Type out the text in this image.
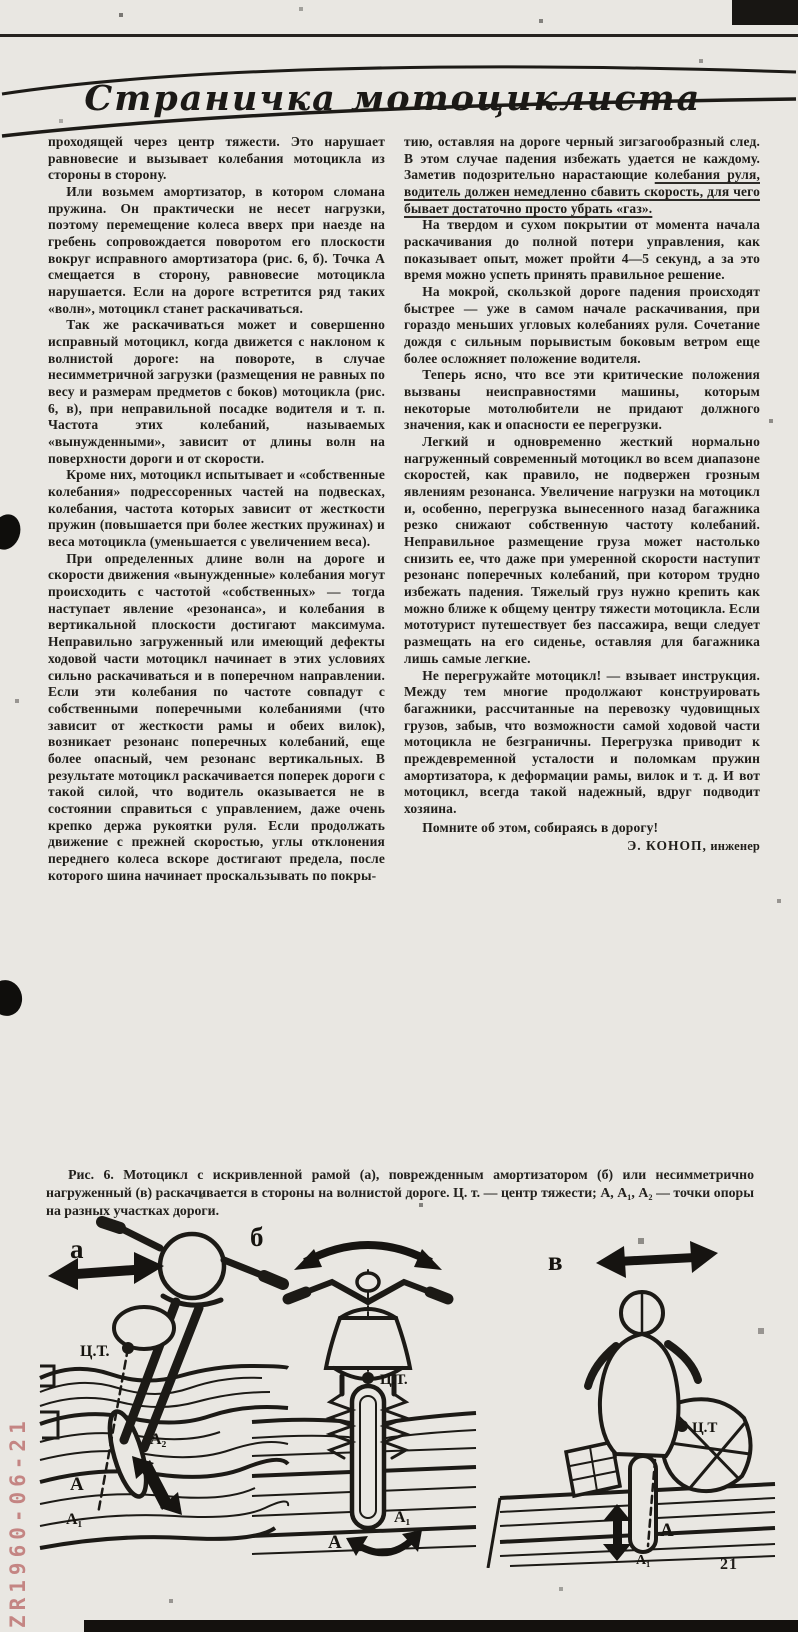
Страничка мотоциклиста

проходящей через центр тяжести. Это нарушает равновесие и вызывает колебания мотоцикла из стороны в сторону.

Или возьмем амортизатор, в котором сломана пружина. Он практически не несет нагрузки, поэтому перемещение колеса вверх при наезде на гребень сопровождается поворотом его плоскости вокруг исправного амортизатора (рис. 6, б). Точка А смещается в сторону, равновесие мотоцикла нарушается. Если на дороге встретится ряд таких «волн», мотоцикл станет раскачиваться.

Так же раскачиваться может и совершенно исправный мотоцикл, когда движется с наклоном к волнистой дороге: на повороте, в случае несимметричной загрузки (размещения не равных по весу и размерам предметов с боков) мотоцикла (рис. 6, в), при неправильной посадке водителя и т. п. Частота этих колебаний, называемых «вынужденными», зависит от длины волн на поверхности дороги и от скорости.

Кроме них, мотоцикл испытывает и «собственные колебания» подрессоренных частей на подвесках, колебания, частота которых зависит от жесткости пружин (повышается при более жестких пружинах) и веса мотоцикла (уменьшается с увеличением веса).

При определенных длине волн на дороге и скорости движения «вынужденные» колебания могут происходить с частотой «собственных» — тогда наступает явление «резонанса», и колебания в вертикальной плоскости достигают максимума. Неправильно загруженный или имеющий дефекты ходовой части мотоцикл начинает в этих условиях сильно раскачиваться и в поперечном направлении. Если эти колебания по частоте совпадут с собственными поперечными колебаниями (что зависит от жесткости рамы и обеих вилок), возникает резонанс поперечных колебаний, еще более опасный, чем резонанс вертикальных. В результате мотоцикл раскачивается поперек дороги с такой силой, что водитель оказывается не в состоянии справиться с управлением, даже очень крепко держа рукоятки руля. Если продолжать движение с прежней скоростью, углы отклонения переднего колеса вскоре достигают предела, после которого шина начинает проскальзывать по покры-

тию, оставляя на дороге черный зигзагообразный след. В этом случае падения избежать удается не каждому. Заметив подозрительно нарастающие колебания руля, водитель должен немедленно сбавить скорость, для чего бывает достаточно просто убрать «газ».

На твердом и сухом покрытии от момента начала раскачивания до полной потери управления, как показывает опыт, может пройти 4—5 секунд, а за это время можно успеть принять правильное решение.

На мокрой, скользкой дороге падения происходят быстрее — уже в самом начале раскачивания, при гораздо меньших угловых колебаниях руля. Сочетание дождя с сильным порывистым боковым ветром еще более осложняет положение водителя.

Теперь ясно, что все эти критические положения вызваны неисправностями машины, которым некоторые мотолюбители не придают должного значения, как и опасности ее перегрузки.

Легкий и одновременно жесткий нормально нагруженный современный мотоцикл во всем диапазоне скоростей, как правило, не подвержен грозным явлениям резонанса. Увеличение нагрузки на мотоцикл и, особенно, перегрузка вынесенного назад багажника резко снижают собственную частоту колебаний. Неправильное размещение груза может настолько снизить ее, что даже при умеренной скорости наступит резонанс поперечных колебаний, при котором трудно избежать падения. Тяжелый груз нужно крепить как можно ближе к общему центру тяжести мотоцикла. Если мототурист путешествует без пассажира, вещи следует размещать на его сиденье, оставляя для багажника лишь самые легкие.

Не перегружайте мотоцикл! — взывает инструкция. Между тем многие продолжают конструировать багажники, рассчитанные на перевозку чудовищных грузов, забыв, что возможности самой ходовой части мотоцикла не безграничны. Перегрузка приводит к преждевременной усталости и поломкам пружин амортизатора, к деформации рамы, вилок и т. д. И вот мотоцикл, всегда такой надежный, вдруг подводит хозяина.

Помните об этом, собираясь в дорогу!

Э. КОНОП, инженер

Рис. 6. Мотоцикл с искривленной рамой (а), поврежденным амортизатором (б) или несимметрично нагруженный (в) раскачивается в стороны на волнистой дороге. Ц. т. — центр тяжести; А, А₁, А₂ — точки опоры на разных участках дороги.

а
Ц.Т.
А₂
А
А₁
б
Ц.Т.
А
А₁
в
Ц.Т
А
А₁	21
ZR1960-06-21
